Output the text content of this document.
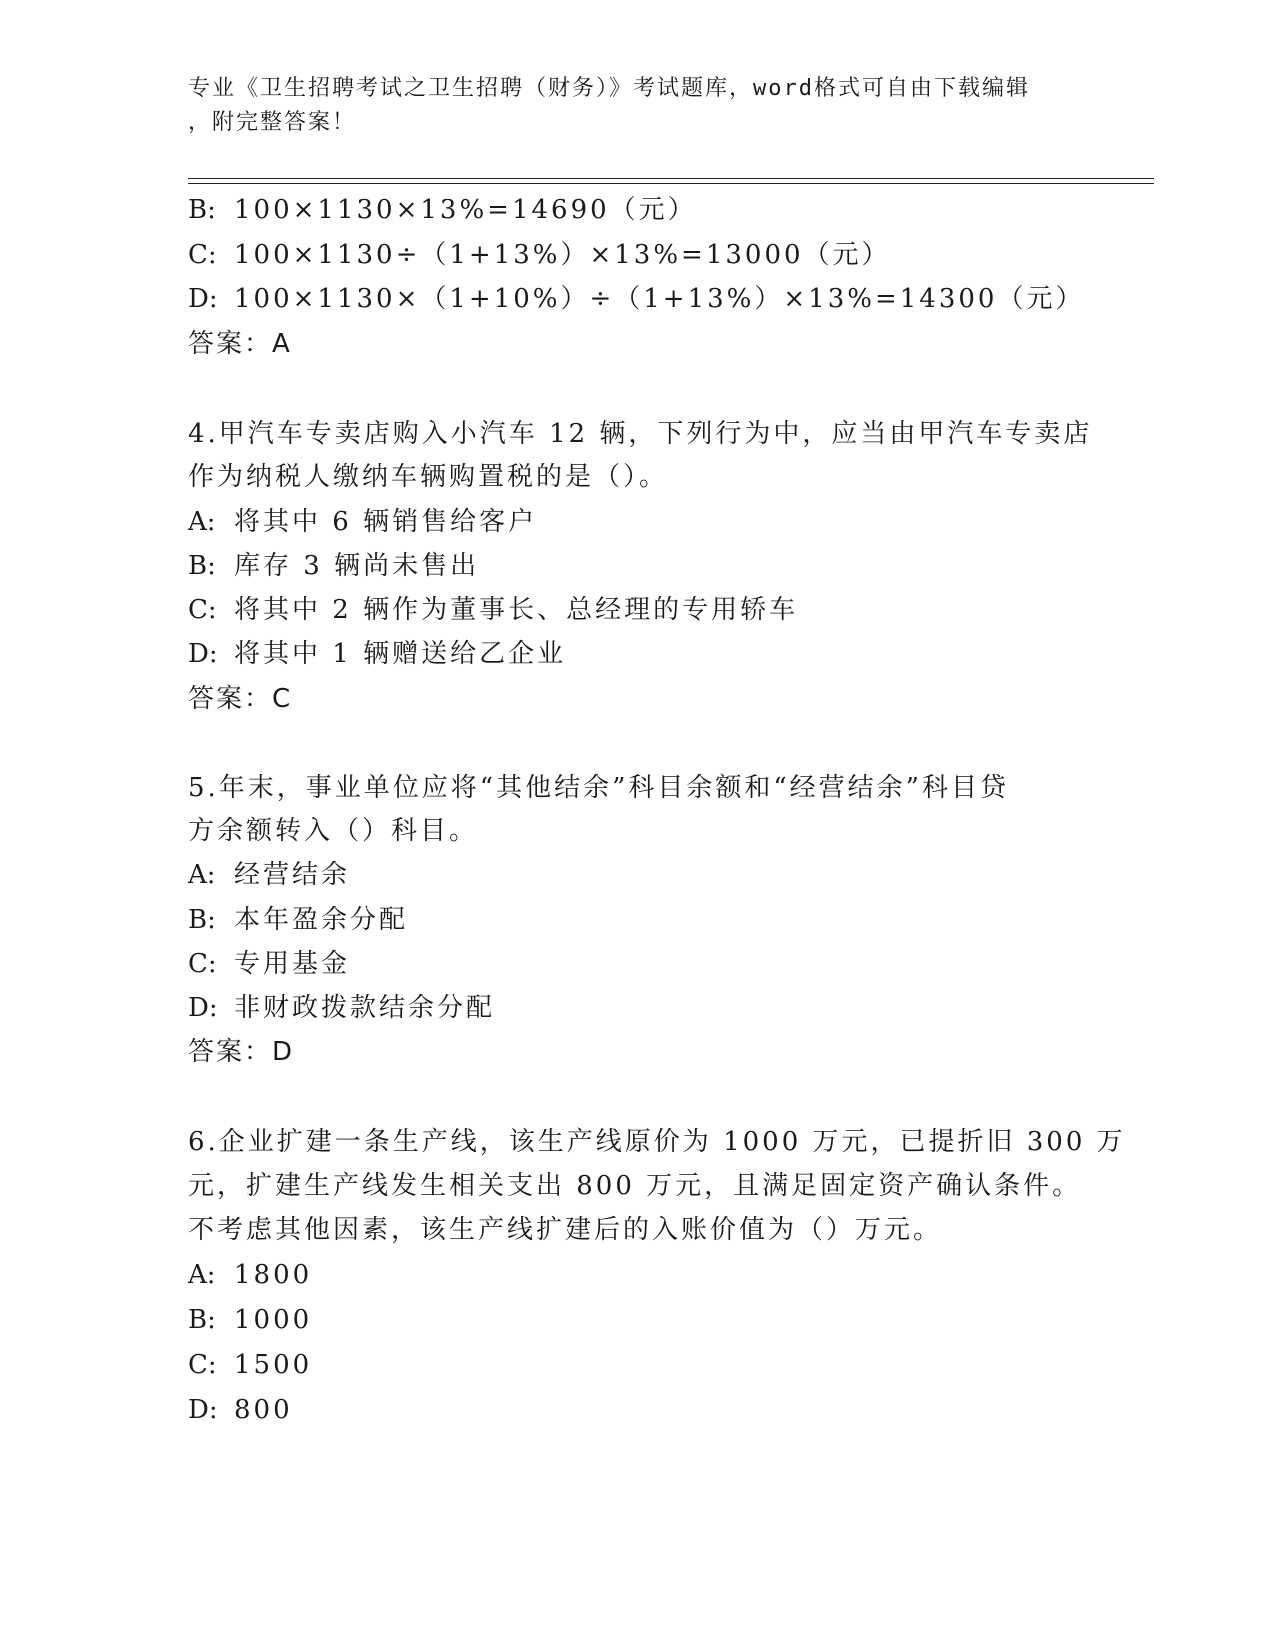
专业《卫生招聘考试之卫生招聘（财务）》考试题库，word格式可自由下载编辑
，附完整答案！
B: 100×1130×13%=14690（元）
C: 100×1130÷（1+13%）×13%=13000（元）
D: 100×1130×（1+10%）÷（1+13%）×13%=14300（元）
答案：A
4.甲汽车专卖店购入小汽车 12 辆，下列行为中，应当由甲汽车专卖店
作为纳税人缴纳车辆购置税的是（）。
A: 将其中 6 辆销售给客户
B: 库存 3 辆尚未售出
C: 将其中 2 辆作为董事长、总经理的专用轿车
D: 将其中 1 辆赠送给乙企业
答案：C
5.年末，事业单位应将“其他结余”科目余额和“经营结余”科目贷
方余额转入（）科目。
A: 经营结余
B: 本年盈余分配
C: 专用基金
D: 非财政拨款结余分配
答案：D
6.企业扩建一条生产线，该生产线原价为 1000 万元，已提折旧 300 万
元，扩建生产线发生相关支出 800 万元，且满足固定资产确认条件。
不考虑其他因素，该生产线扩建后的入账价值为（）万元。
A: 1800
B: 1000
C: 1500
D: 800
